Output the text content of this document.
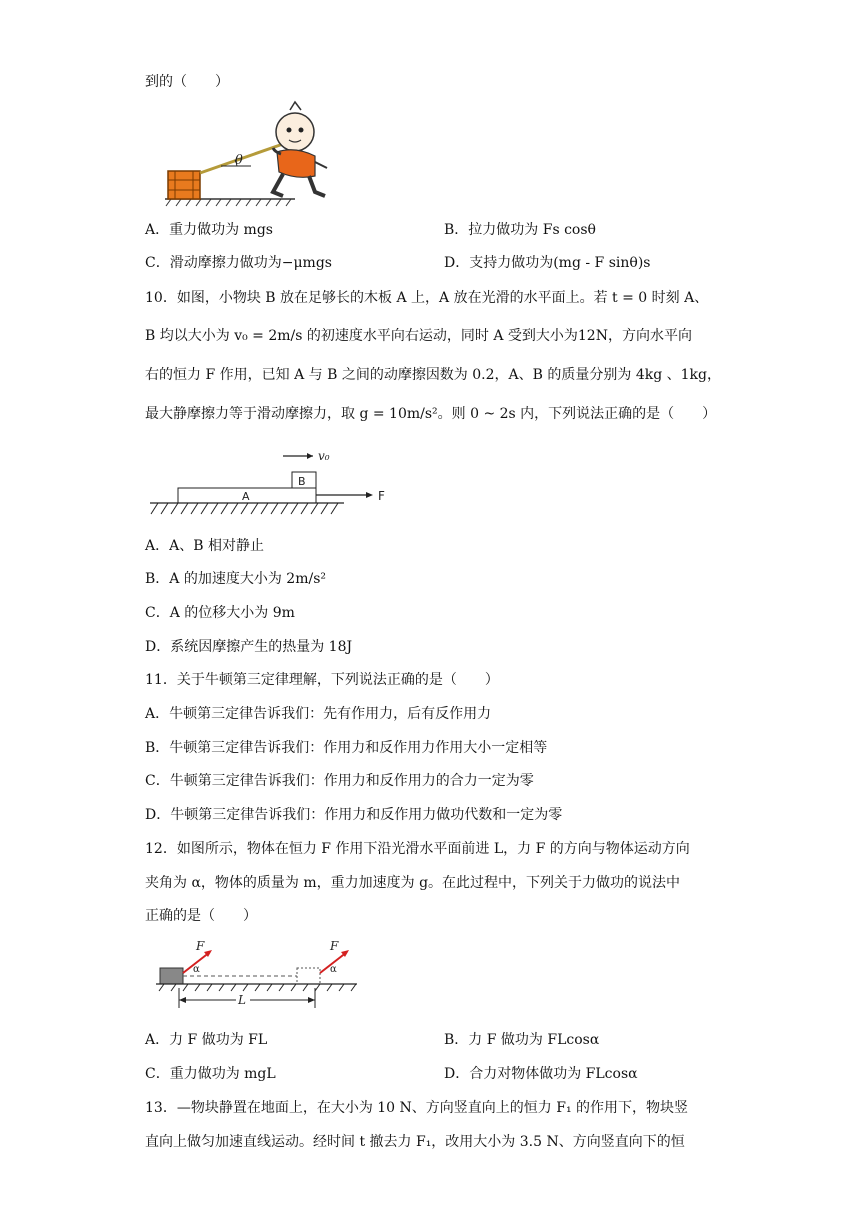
到的（　　）
θ
A．重力做功为 mgs	B．拉力做功为 Fs cosθ
C．滑动摩擦力做功为−μmgs	D．支持力做功为(mg - F sinθ)s
10．如图，小物块 B 放在足够长的木板 A 上，A 放在光滑的水平面上。若 t = 0 时刻 A、
B 均以大小为 v₀ = 2m/s 的初速度水平向右运动，同时 A 受到大小为12N，方向水平向
右的恒力 F 作用，已知 A 与 B 之间的动摩擦因数为 0.2，A、B 的质量分别为 4kg 、1kg，
最大静摩擦力等于滑动摩擦力，取 g = 10m/s²。则 0 ~ 2s 内，下列说法正确的是（　　）
v₀
B
A	F
A．A、B 相对静止
B．A 的加速度大小为 2m/s²
C．A 的位移大小为 9m
D．系统因摩擦产生的热量为 18J
11．关于牛顿第三定律理解，下列说法正确的是（　　）
A．牛顿第三定律告诉我们：先有作用力，后有反作用力
B．牛顿第三定律告诉我们：作用力和反作用力作用大小一定相等
C．牛顿第三定律告诉我们：作用力和反作用力的合力一定为零
D．牛顿第三定律告诉我们：作用力和反作用力做功代数和一定为零
12．如图所示，物体在恒力 F 作用下沿光滑水平面前进 L，力 F 的方向与物体运动方向
夹角为 α，物体的质量为 m，重力加速度为 g。在此过程中，下列关于力做功的说法中
正确的是（　　）
F
α
F
α
L
A．力 F 做功为 FL	B．力 F 做功为 FLcosα
C．重力做功为 mgL	D．合力对物体做功为 FLcosα
13．—物块静置在地面上，在大小为 10 N、方向竖直向上的恒力 F₁ 的作用下，物块竖
直向上做匀加速直线运动。经时间 t 撤去力 F₁，改用大小为 3.5 N、方向竖直向下的恒
